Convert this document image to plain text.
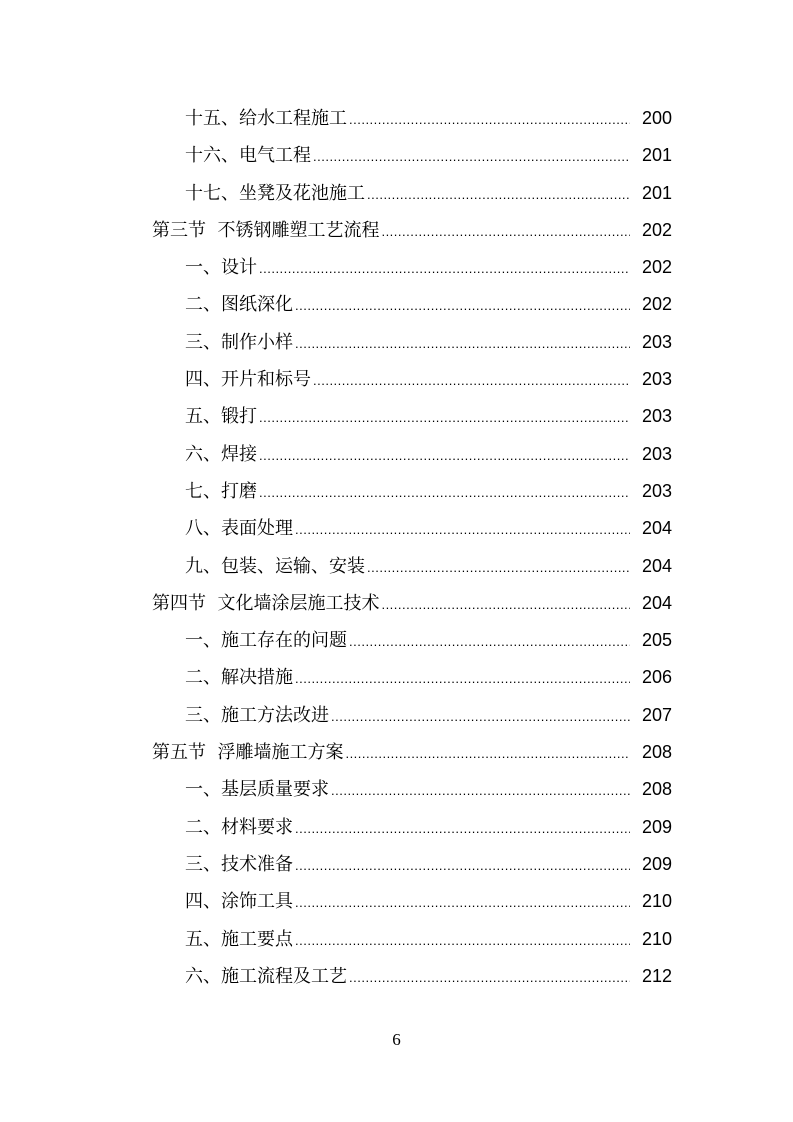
十五、给水工程施工 .....	200
十六、电气工程 .....	201
十七、坐凳及花池施工 .....	201
第三节  不锈钢雕塑工艺流程 .....	202
一、设计 .....	202
二、图纸深化 .....	202
三、制作小样 .....	203
四、开片和标号 .....	203
五、锻打 .....	203
六、焊接 .....	203
七、打磨 .....	203
八、表面处理 .....	204
九、包装、运输、安装 .....	204
第四节  文化墙涂层施工技术 .....	204
一、施工存在的问题 .....	205
二、解决措施 .....	206
三、施工方法改进 .....	207
第五节  浮雕墙施工方案 .....	208
一、基层质量要求 .....	208
二、材料要求 .....	209
三、技术准备 .....	209
四、涂饰工具 .....	210
五、施工要点 .....	210
六、施工流程及工艺 .....	212
6
